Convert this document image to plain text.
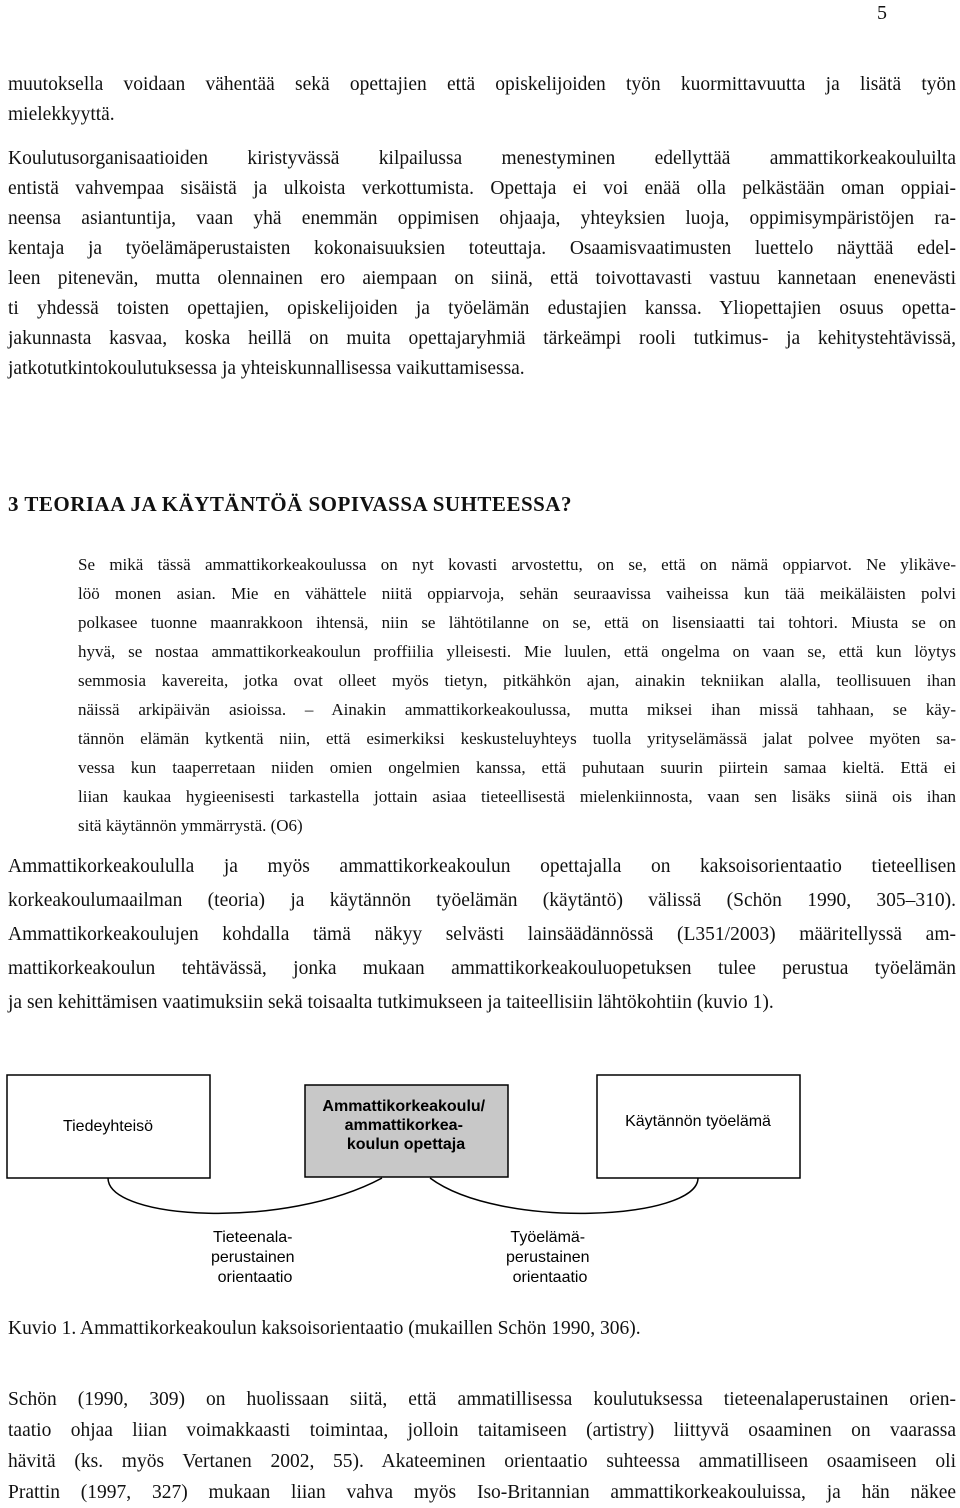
5
muutoksella voidaan vähentää sekä opettajien että opiskelijoiden työn kuormittavuutta ja lisätä työn
mielekkyyttä.
Koulutusorganisaatioiden kiristyvässä kilpailussa menestyminen edellyttää ammattikorkeakouluilta
entistä vahvempaa sisäistä ja ulkoista verkottumista. Opettaja ei voi enää olla pelkästään oman oppiai-
neensa asiantuntija, vaan yhä enemmän oppimisen ohjaaja, yhteyksien luoja, oppimisympäristöjen ra-
kentaja ja työelämäperustaisten kokonaisuuksien toteuttaja. Osaamisvaatimusten luettelo näyttää edel-
leen pitenevän, mutta olennainen ero aiempaan on siinä, että toivottavasti vastuu kannetaan enenevästi
ti yhdessä toisten opettajien, opiskelijoiden ja työelämän edustajien kanssa. Yliopettajien osuus opetta-
jakunnasta kasvaa, koska heillä on muita opettajaryhmiä tärkeämpi rooli tutkimus- ja kehitystehtävissä,
jatkotutkintokoulutuksessa ja yhteiskunnallisessa vaikuttamisessa.
3 TEORIAA JA KÄYTÄNTÖÄ SOPIVASSA SUHTEESSA?
Se mikä tässä ammattikorkeakoulussa on nyt kovasti arvostettu, on se, että on nämä oppiarvot. Ne ylikäve-
löö monen asian. Mie en vähättele niitä oppiarvoja, sehän seuraavissa vaiheissa kun tää meikäläisten polvi
polkasee tuonne maanrakkoon ihtensä, niin se lähtötilanne on se, että on lisensiaatti tai tohtori. Miusta se on
hyvä, se nostaa ammattikorkeakoulun proffiilia ylleisesti. Mie luulen, että ongelma on vaan se, että kun löytys
semmosia kavereita, jotka ovat olleet myös tietyn, pitkähkön ajan, ainakin tekniikan alalla, teollisuuen ihan
näissä arkipäivän asioissa. – Ainakin ammattikorkeakoulussa, mutta miksei ihan missä tahhaan, se käy-
tännön elämän kytkentä niin, että esimerkiksi keskusteluyhteys tuolla yrityselämässä jalat polvee myöten sa-
vessa kun taaperretaan niiden omien ongelmien kanssa, että puhutaan suurin piirtein samaa kieltä. Että ei
liian kaukaa hygieenisesti tarkastella jottain asiaa tieteellisestä mielenkiinnosta, vaan sen lisäks siinä ois ihan
sitä käytännön ymmärrystä. (O6)
Ammattikorkeakoululla ja myös ammattikorkeakoulun opettajalla on kaksoisorientaatio tieteellisen
korkeakoulumaailman (teoria) ja käytännön työelämän (käytäntö) välissä (Schön 1990, 305–310).
Ammattikorkeakoulujen kohdalla tämä näkyy selvästi lainsäädännössä (L351/2003) määritellyssä am-
mattikorkeakoulun tehtävässä, jonka mukaan ammattikorkeakouluopetuksen tulee perustua työelämän
ja sen kehittämisen vaatimuksiin sekä toisaalta tutkimukseen ja taiteellisiin lähtökohtiin (kuvio 1).
Tiedeyhteisö
Ammattikorkeakoulu/ ammattikorkea- koulun opettaja
Käytännön työelämä
Tieteenala- perustainen orientaatio
Työelämä- perustainen orientaatio
Kuvio 1. Ammattikorkeakoulun kaksoisorientaatio (mukaillen Schön 1990, 306).
Schön (1990, 309) on huolissaan siitä, että ammatillisessa koulutuksessa tieteenalaperustainen orien-
taatio ohjaa liian voimakkaasti toimintaa, jolloin taitamiseen (artistry) liittyvä osaaminen on vaarassa
hävitä (ks. myös Vertanen 2002, 55). Akateeminen orientaatio suhteessa ammatilliseen osaamiseen oli
Prattin (1997, 327) mukaan liian vahva myös Iso-Britannian ammattikorkeakouluissa, ja hän näkee
